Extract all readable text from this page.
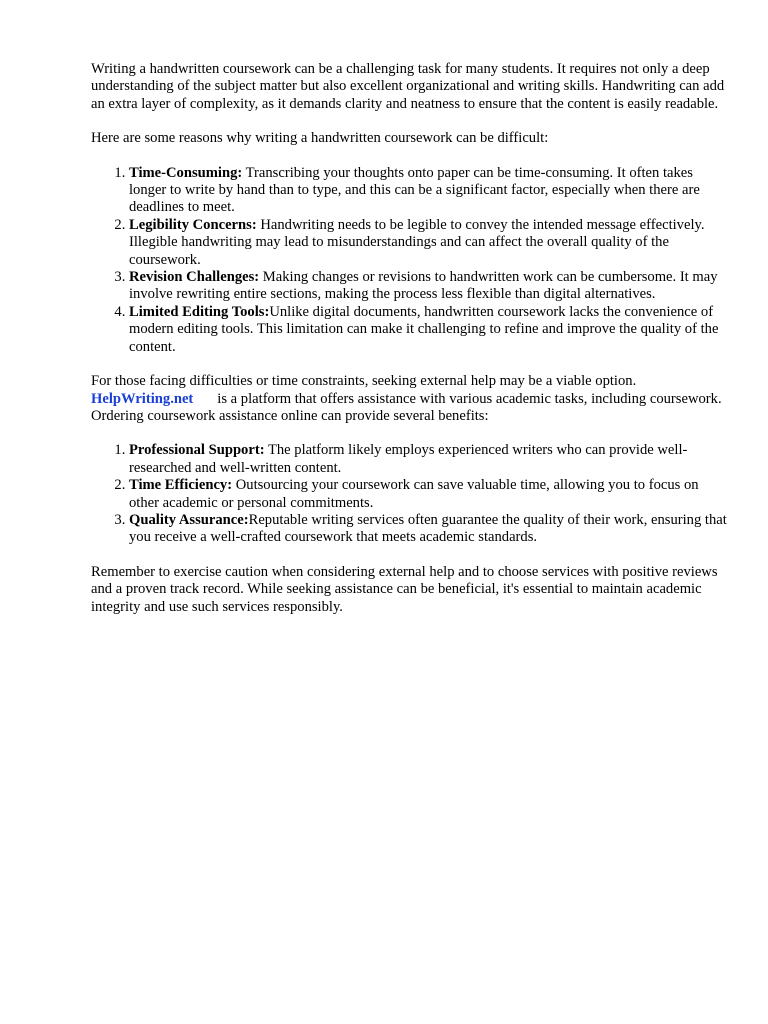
Writing a handwritten coursework can be a challenging task for many students. It requires not only a deep understanding of the subject matter but also excellent organizational and writing skills. Handwriting can add an extra layer of complexity, as it demands clarity and neatness to ensure that the content is easily readable.

Here are some reasons why writing a handwritten coursework can be difficult:

1. Time-Consuming: Transcribing your thoughts onto paper can be time-consuming. It often takes longer to write by hand than to type, and this can be a significant factor, especially when there are deadlines to meet.
2. Legibility Concerns: Handwriting needs to be legible to convey the intended message effectively. Illegible handwriting may lead to misunderstandings and can affect the overall quality of the coursework.
3. Revision Challenges: Making changes or revisions to handwritten work can be cumbersome. It may involve rewriting entire sections, making the process less flexible than digital alternatives.
4. Limited Editing Tools:Unlike digital documents, handwritten coursework lacks the convenience of modern editing tools. This limitation can make it challenging to refine and improve the quality of the content.

For those facing difficulties or time constraints, seeking external help may be a viable option. HelpWriting.net is a platform that offers assistance with various academic tasks, including coursework. Ordering coursework assistance online can provide several benefits:

1. Professional Support: The platform likely employs experienced writers who can provide well-researched and well-written content.
2. Time Efficiency: Outsourcing your coursework can save valuable time, allowing you to focus on other academic or personal commitments.
3. Quality Assurance:Reputable writing services often guarantee the quality of their work, ensuring that you receive a well-crafted coursework that meets academic standards.

Remember to exercise caution when considering external help and to choose services with positive reviews and a proven track record. While seeking assistance can be beneficial, it's essential to maintain academic integrity and use such services responsibly.
